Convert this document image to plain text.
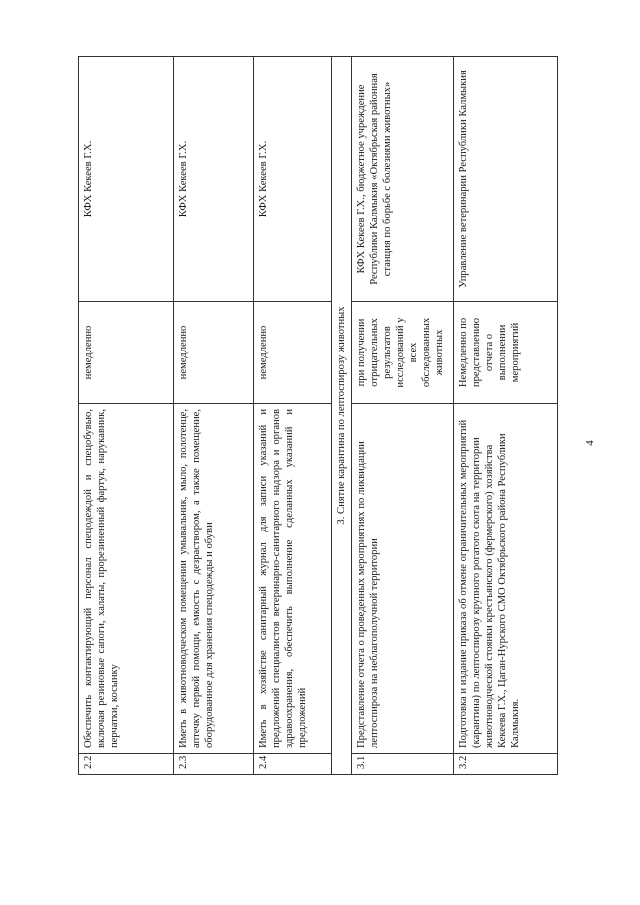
2.2	Обеспечить контактирующий персонал спецодеждой и спецобувью, включая резиновые сапоги, халаты, прорезиненный фартук, нарукавник, перчатки, косынку	немедленно	КФХ Кекеев Г.Х.
2.3	Иметь в животноводческом помещении умывальник, мыло, полотенце, аптечку первой помощи, емкость с дезраствором, а также помещение, оборудованное для хранения спецодежды и обуви	немедленно	КФХ Кекеев Г.Х.
2.4	Иметь в хозяйстве санитарный журнал для записи указаний и предложений специалистов ветеринарно-санитарного надзора и органов здравоохранения, обеспечить выполнение сделанных указаний и предложений	немедленно	КФХ Кекеев Г.Х.
3. Снятие карантина по лептоспирозу животных			
3.1	Представление отчета о проведенных мероприятиях по ликвидации лептоспироза на неблагополучной территории	при получении отрицательных результатов исследований у всех обследованных животных	КФХ Кекеев Г.Х., бюджетное учреждение Республики Калмыкия «Октябрьская районная станция по борьбе с болезнями животных»
3.2	Подготовка и издание приказа об отмене ограничительных мероприятий (карантина) по лептоспирозу крупного рогатого скота на территории животноводческой стоянки крестьянского (фермерского) хозяйства Кекеева Г.Х., Цаган-Нурского СМО Октябрьского района Республики Калмыкия.	Немедленно по представлению отчета о выполнении мероприятий	Управление ветеринарии Республики Калмыкия
4
